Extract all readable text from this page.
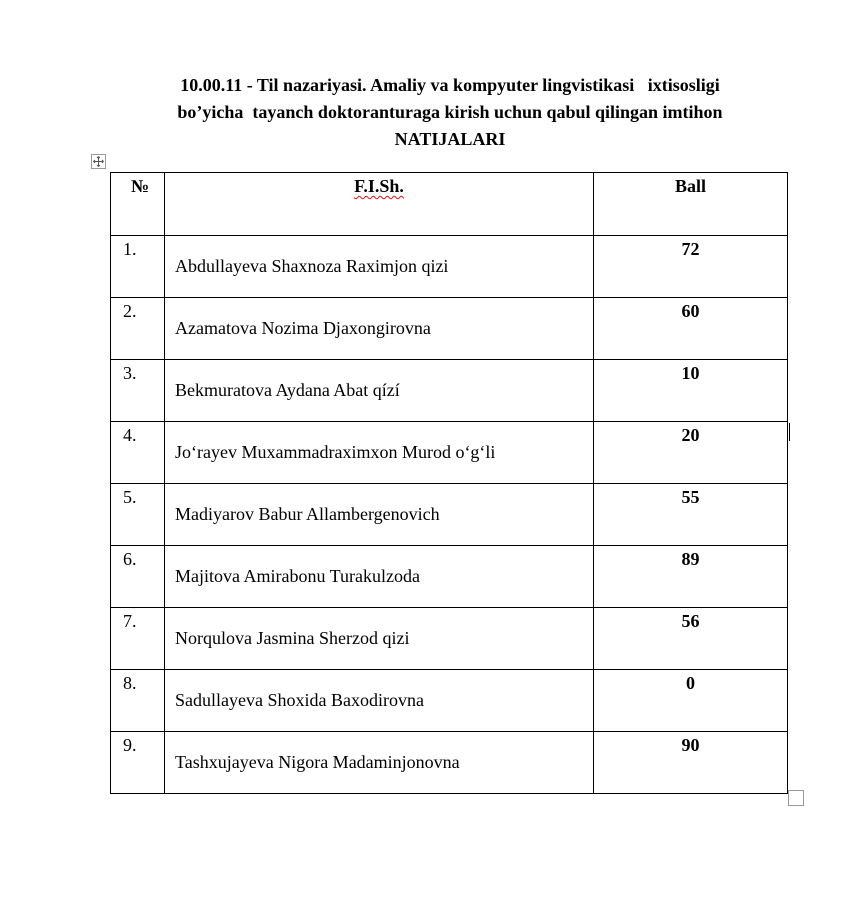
10.00.11 - Til nazariyasi. Amaliy va kompyuter lingvistikasi   ixtisosligi
bo’yicha  tayanch doktoranturaga kirish uchun qabul qilingan imtihon
NATIJALARI
№	F.I.Sh.	Ball

1.	Abdullayeva Shaxnoza Raximjon qizi	72

2.	Azamatova Nozima Djaxongirovna	60

3.	Bekmuratova Aydana Abat qízí	10

4.	Jo‘rayev Muxammadraximxon Murod o‘g‘li	20

5.	Madiyarov Babur Allambergenovich	55

6.	Majitova Amirabonu Turakulzoda	89

7.	Norqulova Jasmina Sherzod qizi	56

8.	Sadullayeva Shoxida Baxodirovna	0

9.	Tashxujayeva Nigora Madaminjonovna	90
